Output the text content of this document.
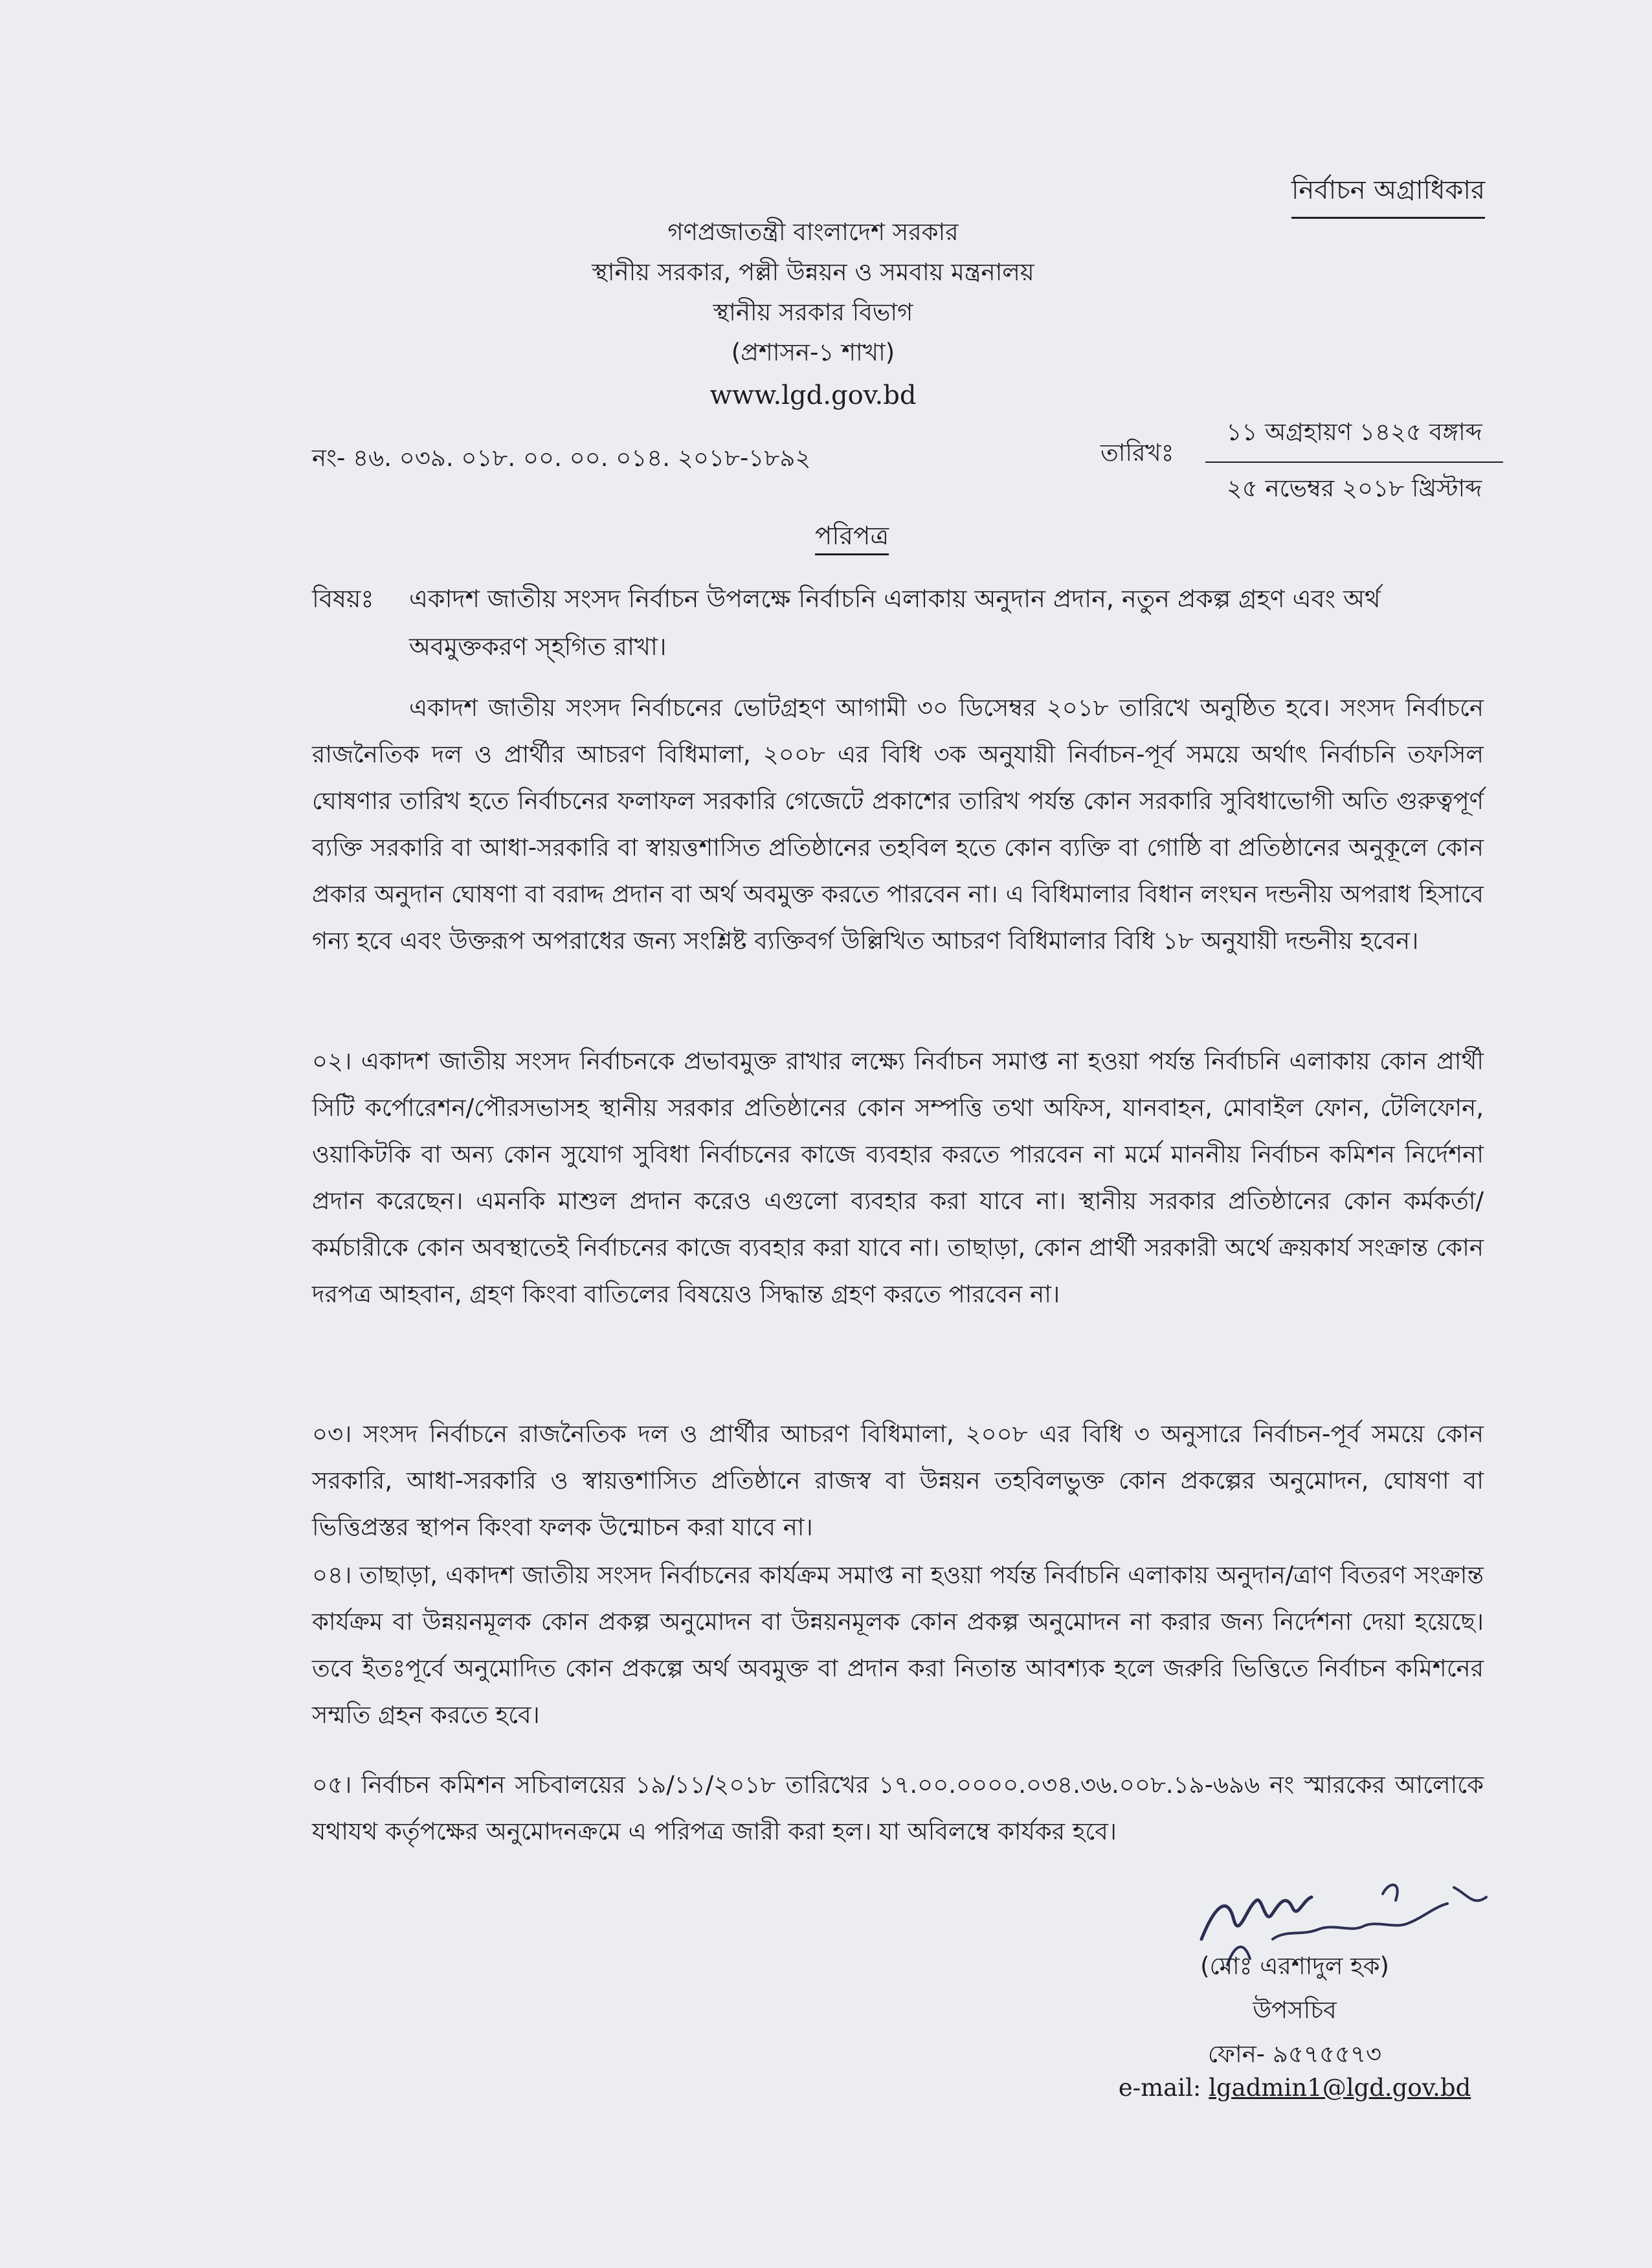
নির্বাচন অগ্রাধিকার
গণপ্রজাতন্ত্রী বাংলাদেশ সরকার
স্থানীয় সরকার, পল্লী উন্নয়ন ও সমবায় মন্ত্রনালয়
স্থানীয় সরকার বিভাগ
(প্রশাসন-১ শাখা)
www.lgd.gov.bd
নং- ৪৬. ০৩৯. ০১৮. ০০. ০০. ০১৪. ২০১৮-১৮৯২	তারিখঃ
১১ অগ্রহায়ণ ১৪২৫ বঙ্গাব্দ
২৫ নভেম্বর ২০১৮ খ্রিস্টাব্দ
পরিপত্র
বিষয়ঃ একাদশ জাতীয় সংসদ নির্বাচন উপলক্ষে নির্বাচনি এলাকায় অনুদান প্রদান, নতুন প্রকল্প গ্রহণ এবং অর্থ অবমুক্তকরণ স্হগিত রাখা।
একাদশ জাতীয় সংসদ নির্বাচনের ভোটগ্রহণ আগামী ৩০ ডিসেম্বর ২০১৮ তারিখে অনুষ্ঠিত হবে। সংসদ নির্বাচনে রাজনৈতিক দল ও প্রার্থীর আচরণ বিধিমালা, ২০০৮ এর বিধি ৩ক অনুযায়ী নির্বাচন-পূর্ব সময়ে অর্থাৎ নির্বাচনি তফসিল ঘোষণার তারিখ হতে নির্বাচনের ফলাফল সরকারি গেজেটে প্রকাশের তারিখ পর্যন্ত কোন সরকারি সুবিধাভোগী অতি গুরুত্বপূর্ণ ব্যক্তি সরকারি বা আধা-সরকারি বা স্বায়ত্তশাসিত প্রতিষ্ঠানের তহবিল হতে কোন ব্যক্তি বা গোষ্ঠি বা প্রতিষ্ঠানের অনুকূলে কোন প্রকার অনুদান ঘোষণা বা বরাদ্দ প্রদান বা অর্থ অবমুক্ত করতে পারবেন না। এ বিধিমালার বিধান লংঘন দন্ডনীয় অপরাধ হিসাবে গন্য হবে এবং উক্তরূপ অপরাধের জন্য সংশ্লিষ্ট ব্যক্তিবর্গ উল্লিখিত আচরণ বিধিমালার বিধি ১৮ অনুযায়ী দন্ডনীয় হবেন।
০২। একাদশ জাতীয় সংসদ নির্বাচনকে প্রভাবমুক্ত রাখার লক্ষ্যে নির্বাচন সমাপ্ত না হওয়া পর্যন্ত নির্বাচনি এলাকায় কোন প্রার্থী সিটি কর্পোরেশন/পৌরসভাসহ স্থানীয় সরকার প্রতিষ্ঠানের কোন সম্পত্তি তথা অফিস, যানবাহন, মোবাইল ফোন, টেলিফোন, ওয়াকিটকি বা অন্য কোন সুযোগ সুবিধা নির্বাচনের কাজে ব্যবহার করতে পারবেন না মর্মে মাননীয় নির্বাচন কমিশন নির্দেশনা প্রদান করেছেন। এমনকি মাশুল প্রদান করেও এগুলো ব্যবহার করা যাবে না। স্থানীয় সরকার প্রতিষ্ঠানের কোন কর্মকর্তা/কর্মচারীকে কোন অবস্থাতেই নির্বাচনের কাজে ব্যবহার করা যাবে না। তাছাড়া, কোন প্রার্থী সরকারী অর্থে ক্রয়কার্য সংক্রান্ত কোন দরপত্র আহবান, গ্রহণ কিংবা বাতিলের বিষয়েও সিদ্ধান্ত গ্রহণ করতে পারবেন না।
০৩। সংসদ নির্বাচনে রাজনৈতিক দল ও প্রার্থীর আচরণ বিধিমালা, ২০০৮ এর বিধি ৩ অনুসারে নির্বাচন-পূর্ব সময়ে কোন সরকারি, আধা-সরকারি ও স্বায়ত্তশাসিত প্রতিষ্ঠানে রাজস্ব বা উন্নয়ন তহবিলভুক্ত কোন প্রকল্পের অনুমোদন, ঘোষণা বা ভিত্তিপ্রস্তর স্থাপন কিংবা ফলক উন্মোচন করা যাবে না।
০৪। তাছাড়া, একাদশ জাতীয় সংসদ নির্বাচনের কার্যক্রম সমাপ্ত না হওয়া পর্যন্ত নির্বাচনি এলাকায় অনুদান/ত্রাণ বিতরণ সংক্রান্ত কার্যক্রম বা উন্নয়নমূলক কোন প্রকল্প অনুমোদন বা উন্নয়নমূলক কোন প্রকল্প অনুমোদন না করার জন্য নির্দেশনা দেয়া হয়েছে। তবে ইতঃপূর্বে অনুমোদিত কোন প্রকল্পে অর্থ অবমুক্ত বা প্রদান করা নিতান্ত আবশ্যক হলে জরুরি ভিত্তিতে নির্বাচন কমিশনের সম্মতি গ্রহন করতে হবে।
০৫। নির্বাচন কমিশন সচিবালয়ের ১৯/১১/২০১৮ তারিখের ১৭.০০.০০০০.০৩৪.৩৬.০০৮.১৯-৬৯৬ নং স্মারকের আলোকে যথাযথ কর্তৃপক্ষের অনুমোদনক্রমে এ পরিপত্র জারী করা হল। যা অবিলম্বে কার্যকর হবে।
(মোঃ এরশাদুল হক)
উপসচিব
ফোন- ৯৫৭৫৫৭৩
e-mail: lgadmin1@lgd.gov.bd
